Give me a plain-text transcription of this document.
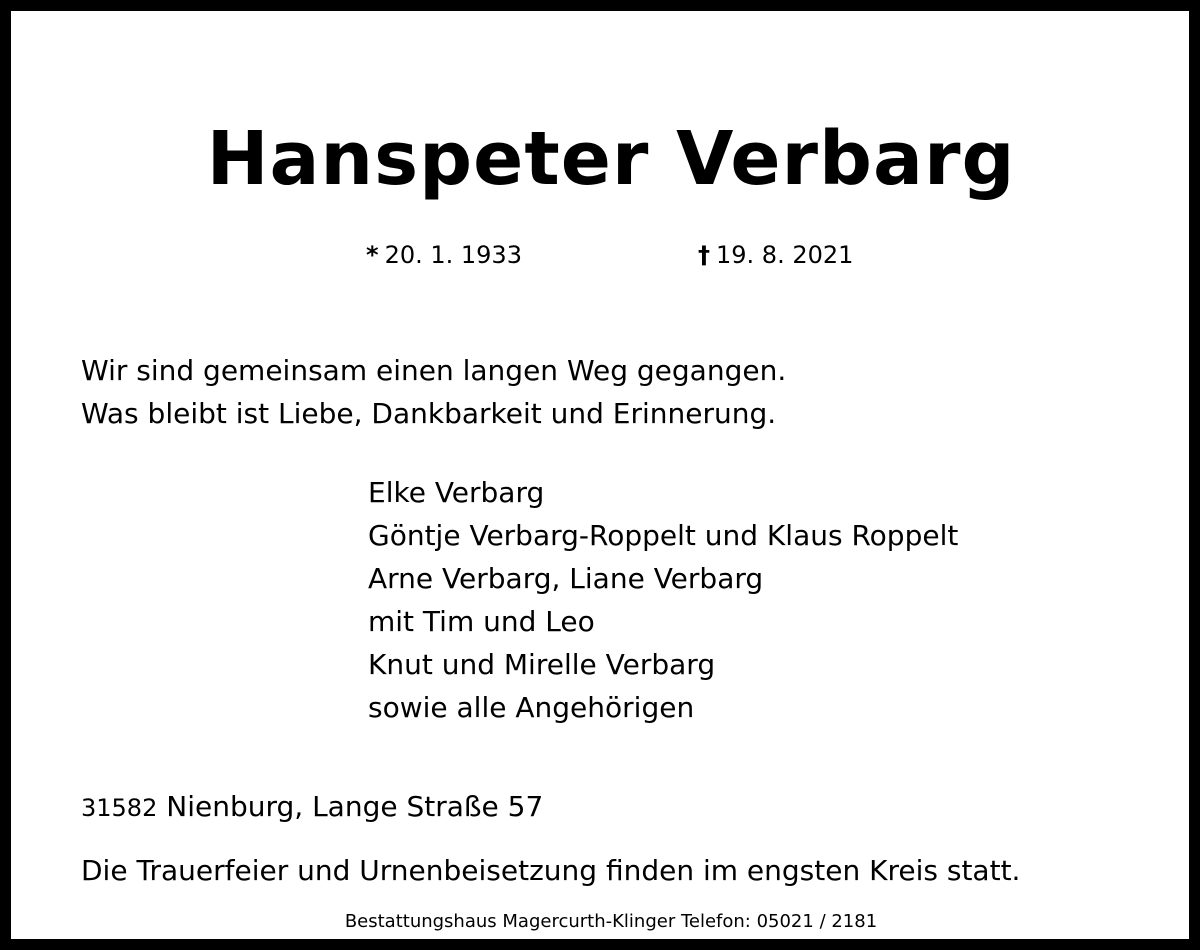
Hanspeter Verbarg
* 20. 1. 1933	† 19. 8. 2021
Wir sind gemeinsam einen langen Weg gegangen.
Was bleibt ist Liebe, Dankbarkeit und Erinnerung.
Elke Verbarg
Göntje Verbarg-Roppelt und Klaus Roppelt
Arne Verbarg, Liane Verbarg
mit Tim und Leo
Knut und Mirelle Verbarg
sowie alle Angehörigen
31582 Nienburg, Lange Straße 57
Die Trauerfeier und Urnenbeisetzung finden im engsten Kreis statt.
Bestattungshaus Magercurth-Klinger Telefon: 05021 / 2181
